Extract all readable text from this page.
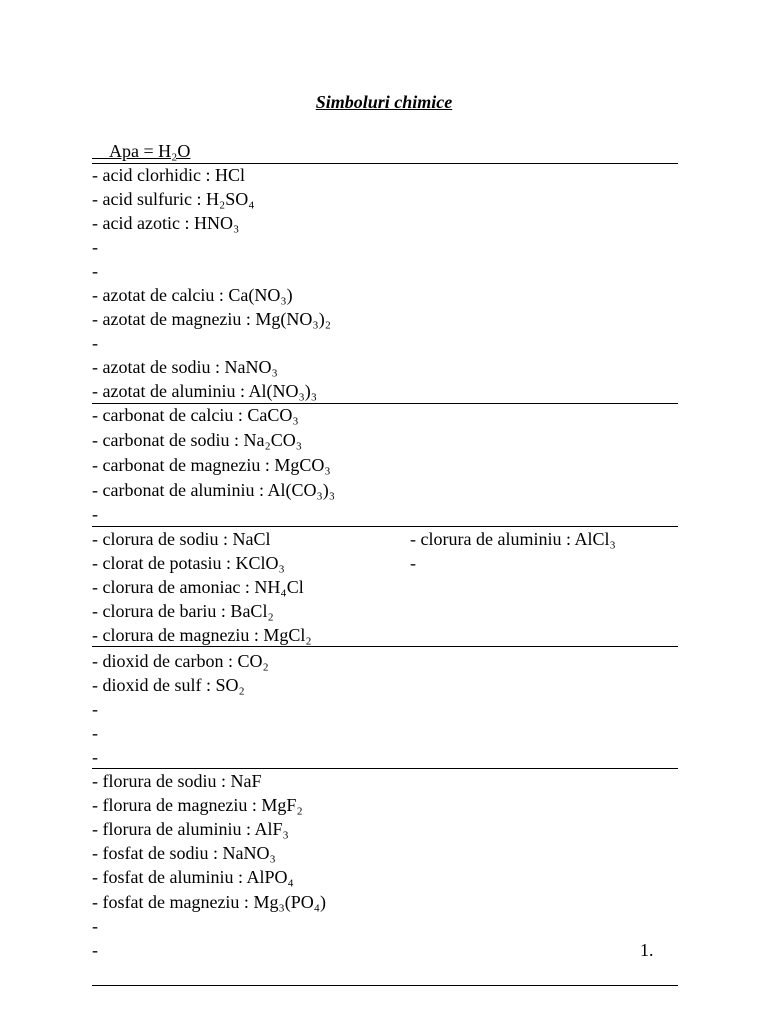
Simboluri chimice
Apa = H₂O
- acid clorhidic : HCl
- acid sulfuric : H₂SO₄
- acid azotic : HNO₃
-
-
- azotat de calciu : Ca(NO₃)
- azotat de magneziu : Mg(NO₃)₂
-
- azotat de sodiu : NaNO₃
- azotat de aluminiu : Al(NO₃)₃
- carbonat de calciu : CaCO₃
- carbonat de sodiu : Na₂CO₃
- carbonat de magneziu : MgCO₃
- carbonat de aluminiu : Al(CO₃)₃
-
- clorura de sodiu : NaCl
- clorat de potasiu : KClO₃
- clorura de amoniac : NH₄Cl
- clorura de bariu : BaCl₂
- clorura de magneziu : MgCl₂
- dioxid de carbon : CO₂
- dioxid de sulf : SO₂
-
-
-
- florura de sodiu : NaF
- florura de magneziu : MgF₂
- florura de aluminiu : AlF₃
- fosfat de sodiu : NaNO₃
- fosfat de aluminiu : AlPO₄
- fosfat de magneziu : Mg₃(PO₄)
-
-
- clorura de aluminiu : AlCl₃
-
1.
